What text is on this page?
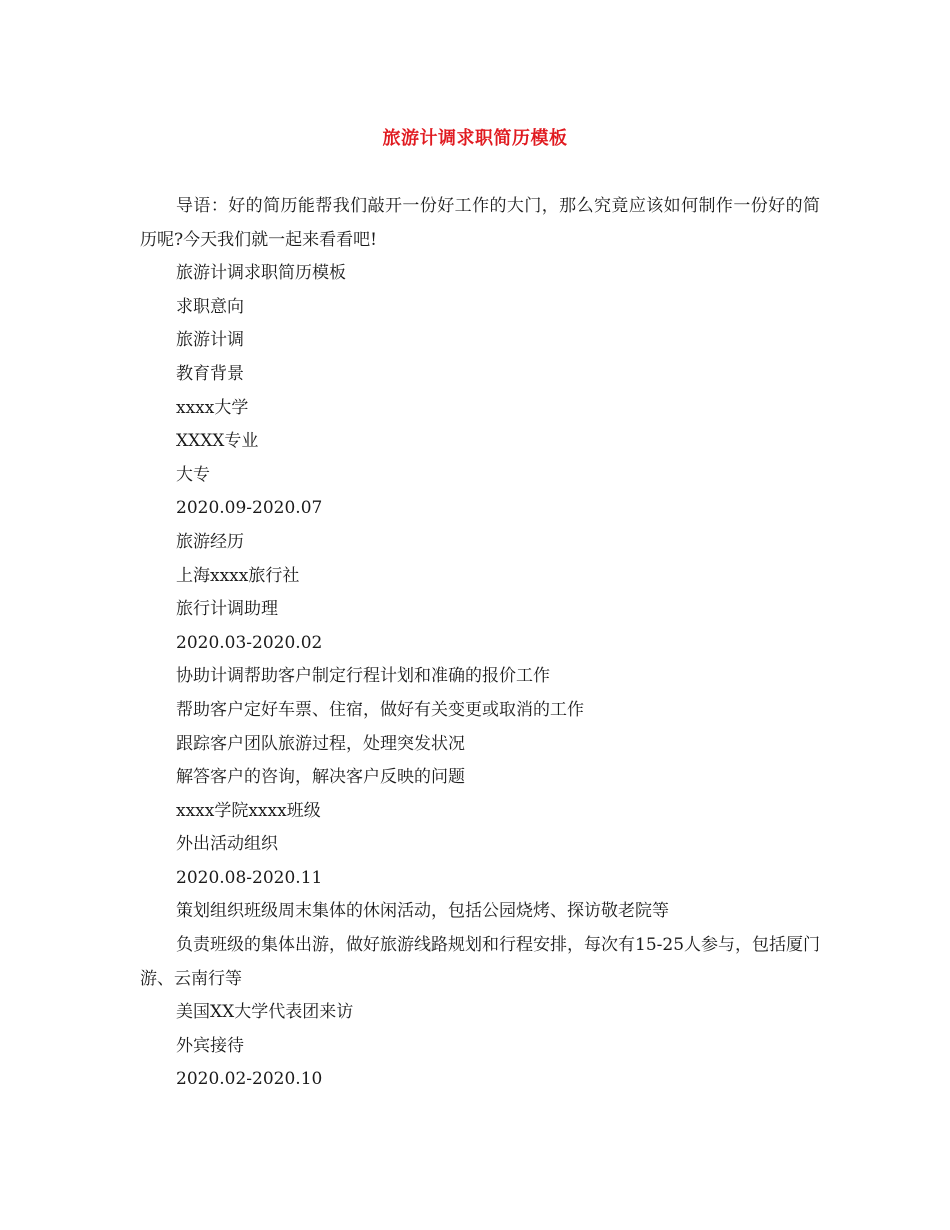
旅游计调求职简历模板
导语：好的简历能帮我们敲开一份好工作的大门，那么究竟应该如何制作一份好的简历呢?今天我们就一起来看看吧!
旅游计调求职简历模板
求职意向
旅游计调
教育背景
xxxx大学
XXXX专业
大专
2020.09-2020.07
旅游经历
上海xxxx旅行社
旅行计调助理
2020.03-2020.02
协助计调帮助客户制定行程计划和准确的报价工作
帮助客户定好车票、住宿，做好有关变更或取消的工作
跟踪客户团队旅游过程，处理突发状况
解答客户的咨询，解决客户反映的问题
xxxx学院xxxx班级
外出活动组织
2020.08-2020.11
策划组织班级周末集体的休闲活动，包括公园烧烤、探访敬老院等
负责班级的集体出游，做好旅游线路规划和行程安排，每次有15-25人参与，包括厦门游、云南行等
美国XX大学代表团来访
外宾接待
2020.02-2020.10
